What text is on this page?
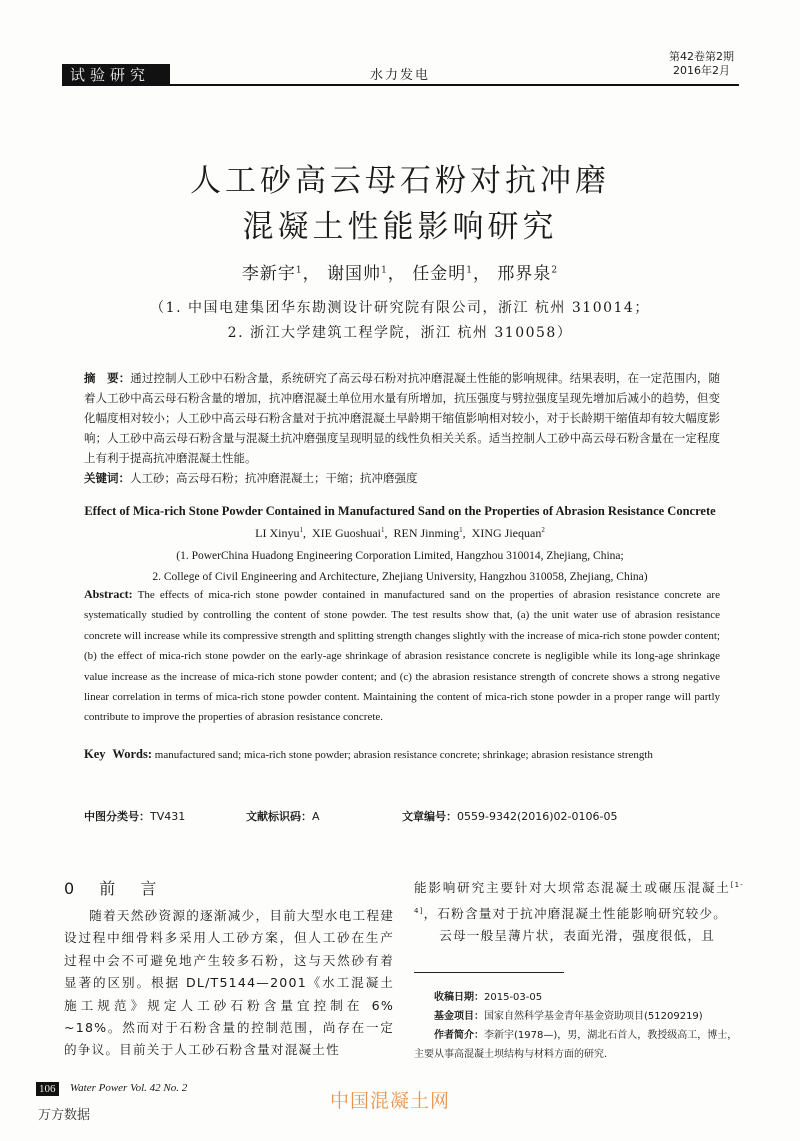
试验研究	水力发电
第42卷第2期
2016年2月
人工砂高云母石粉对抗冲磨
混凝土性能影响研究
李新宇$^1$， 谢国帅$^1$， 任金明$^1$， 邢界泉$^2$
（1. 中国电建集团华东勘测设计研究院有限公司，浙江 杭州 310014；
2. 浙江大学建筑工程学院，浙江 杭州 310058）
摘　要：通过控制人工砂中石粉含量，系统研究了高云母石粉对抗冲磨混凝土性能的影响规律。结果表明，在一定范围内，随着人工砂中高云母石粉含量的增加，抗冲磨混凝土单位用水量有所增加，抗压强度与劈拉强度呈现先增加后减小的趋势，但变化幅度相对较小；人工砂中高云母石粉含量对于抗冲磨混凝土早龄期干缩值影响相对较小，对于长龄期干缩值却有较大幅度影响；人工砂中高云母石粉含量与混凝土抗冲磨强度呈现明显的线性负相关关系。适当控制人工砂中高云母石粉含量在一定程度上有利于提高抗冲磨混凝土性能。
关键词：人工砂；高云母石粉；抗冲磨混凝土；干缩；抗冲磨强度
Effect of Mica-rich Stone Powder Contained in Manufactured Sand on the Properties of Abrasion Resistance Concrete
LI Xinyu$^1$,  XIE Guoshuai$^1$,  REN Jinming$^1$,  XING Jiequan$^2$
(1. PowerChina Huadong Engineering Corporation Limited, Hangzhou 310014, Zhejiang, China;
2. College of Civil Engineering and Architecture, Zhejiang University, Hangzhou 310058, Zhejiang, China)
Abstract: The effects of mica-rich stone powder contained in manufactured sand on the properties of abrasion resistance concrete are systematically studied by controlling the content of stone powder. The test results show that, (a) the unit water use of abrasion resistance concrete will increase while its compressive strength and splitting strength changes slightly with the increase of mica-rich stone powder content; (b) the effect of mica-rich stone powder on the early-age shrinkage of abrasion resistance concrete is negligible while its long-age shrinkage value increase as the increase of mica-rich stone powder content; and (c) the abrasion resistance strength of concrete shows a strong negative linear correlation in terms of mica-rich stone powder content. Maintaining the content of mica-rich stone powder in a proper range will partly contribute to improve the properties of abrasion resistance concrete.
Key Words: manufactured sand; mica-rich stone powder; abrasion resistance concrete; shrinkage; abrasion resistance strength
中图分类号：TV431	文献标识码：A	文章编号：0559-9342(2016)02-0106-05
0 前 言
随着天然砂资源的逐渐减少，目前大型水电工程建设过程中细骨料多采用人工砂方案，但人工砂在生产过程中会不可避免地产生较多石粉，这与天然砂有着显著的区别。根据 DL/T5144—2001《水工混凝土施工规范》规定人工砂石粉含量宜控制在 6% ~18%。然而对于石粉含量的控制范围，尚存在一定的争议。目前关于人工砂石粉含量对混凝土性
能影响研究主要针对大坝常态混凝土或碾压混凝土[1-4]，石粉含量对于抗冲磨混凝土性能影响研究较少。
云母一般呈薄片状，表面光滑，强度很低，且
收稿日期：2015-03-05
基金项目：国家自然科学基金青年基金资助项目(51209219)
作者简介：李新宇(1978—)，男，湖北石首人，教授级高工，博士，主要从事高混凝土坝结构与材料方面的研究.
106 Water Power Vol. 42 No. 2
万方数据
中国混凝土网
